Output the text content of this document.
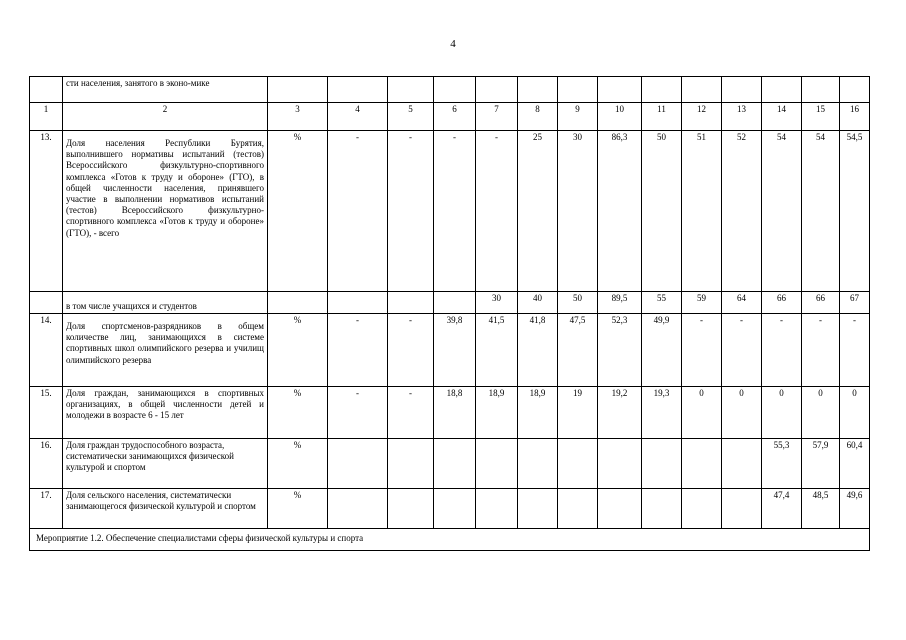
4
	сти населения, занятого в эконо-мике														
1	2	3	4	5	6	7	8	9	10	11	12	13	14	15	16
13.	Доля населения Республики Бурятия, выполнившего нормативы испытаний (тестов) Всероссийского физкультурно-спортивного комплекса «Готов к труду и обороне» (ГТО), в общей численности населения, принявшего участие в выполнении нормативов испытаний (тестов) Всероссийского физкультурно-спортивного комплекса «Готов к труду и обороне» (ГТО), - всего	%	-	-	-	-	25	30	86,3	50	51	52	54	54	54,5
	в том числе учащихся и студентов					30	40	50	89,5	55	59	64	66	66	67
14.	Доля спортсменов-разрядников в общем количестве лиц, занимающихся в системе спортивных школ олимпийского резерва и училищ олимпийского резерва	%	-	-	39,8	41,5	41,8	47,5	52,3	49,9	-	-	-	-	-
15.	Доля граждан, занимающихся в спортивных организациях, в общей численности детей и молодежи в возрасте 6 - 15 лет	%	-	-	18,8	18,9	18,9	19	19,2	19,3	0	0	0	0	0
16.	Доля граждан трудоспособного возраста, систематически занимающихся физической культурой и спортом	%											55,3	57,9	60,4
17.	Доля сельского населения, систематически занимающегося физической культурой и спортом	%											47,4	48,5	49,6
Мероприятие 1.2. Обеспечение специалистами сферы физической культуры и спорта															
